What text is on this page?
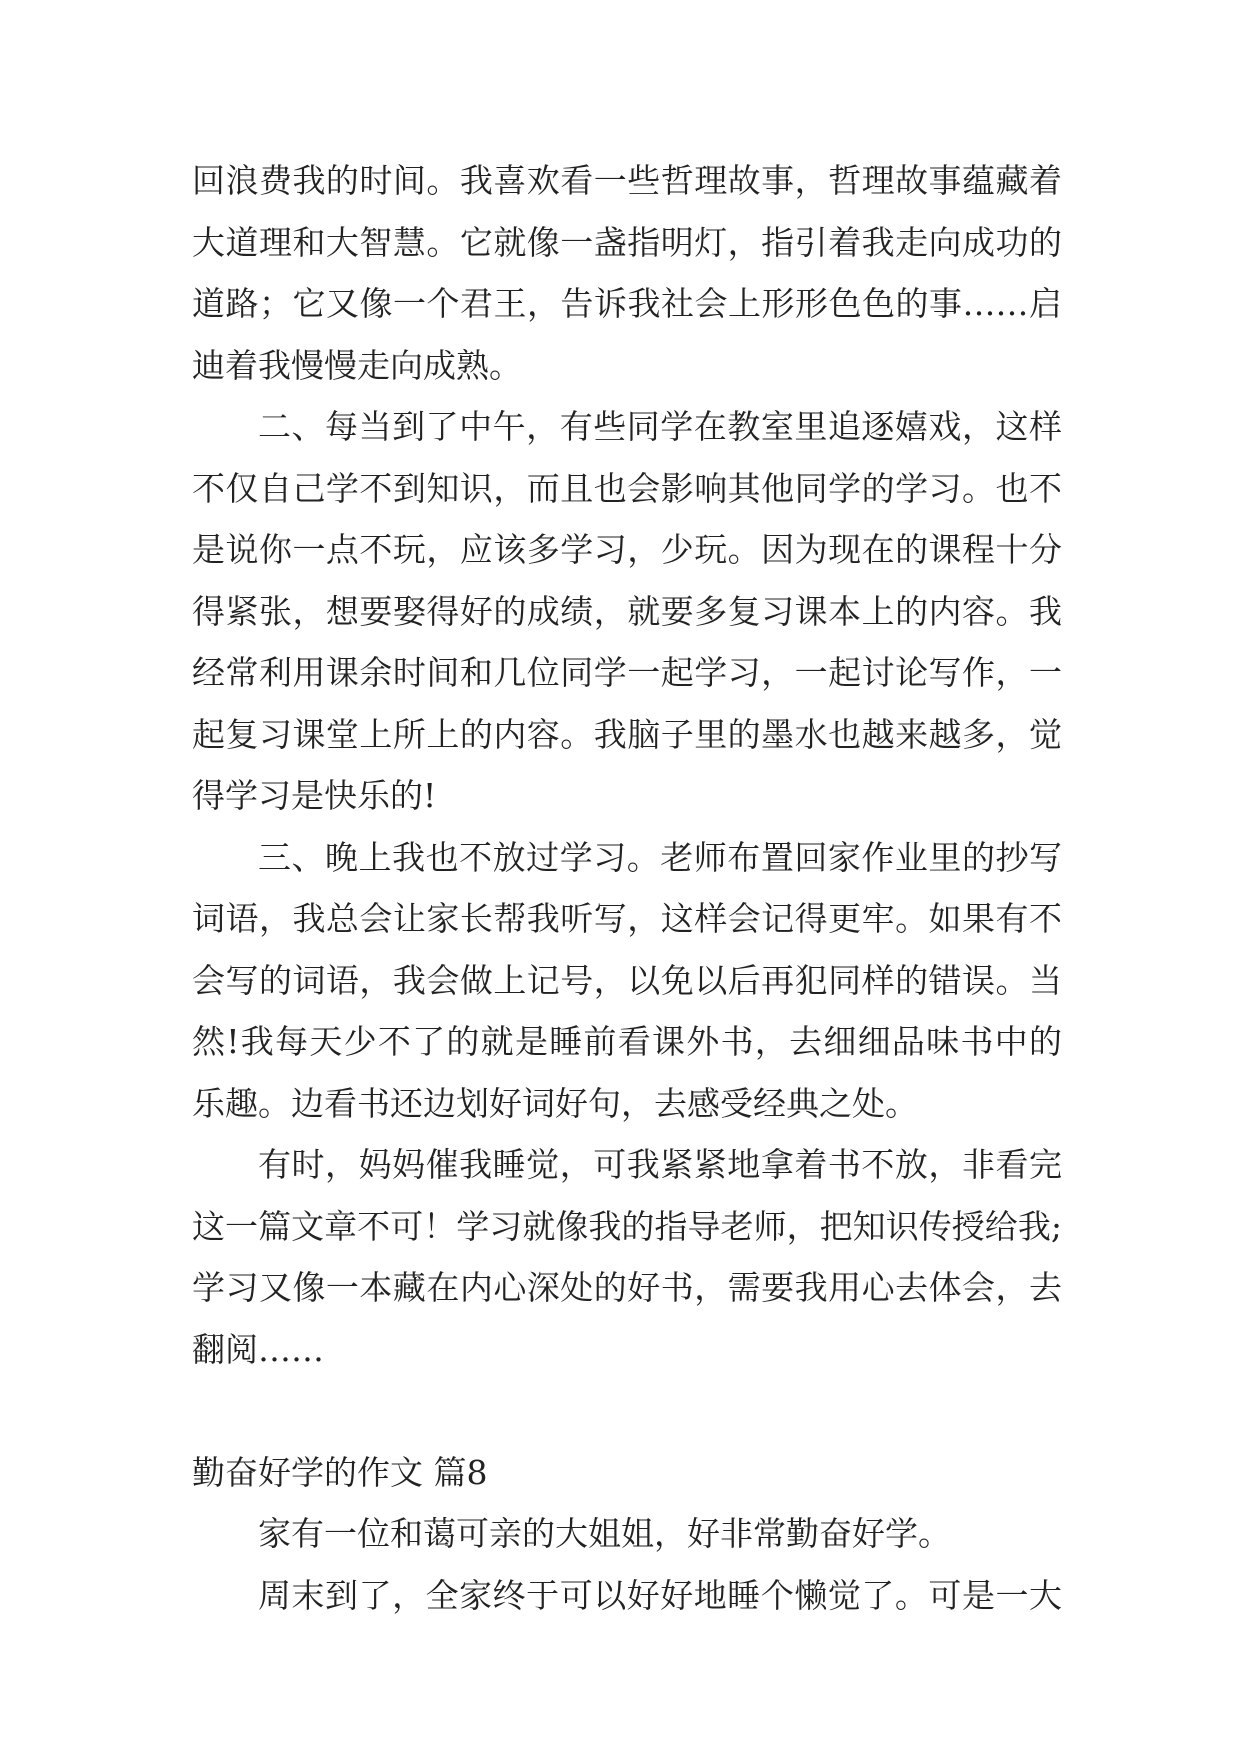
回浪费我的时间。我喜欢看一些哲理故事，哲理故事蕴藏着
大道理和大智慧。它就像一盏指明灯，指引着我走向成功的
道路；它又像一个君王，告诉我社会上形形色色的事……启
迪着我慢慢走向成熟。
二、每当到了中午，有些同学在教室里追逐嬉戏，这样
不仅自己学不到知识，而且也会影响其他同学的学习。也不
是说你一点不玩，应该多学习，少玩。因为现在的课程十分
得紧张，想要娶得好的成绩，就要多复习课本上的内容。我
经常利用课余时间和几位同学一起学习，一起讨论写作，一
起复习课堂上所上的内容。我脑子里的墨水也越来越多，觉
得学习是快乐的!
三、晚上我也不放过学习。老师布置回家作业里的抄写
词语，我总会让家长帮我听写，这样会记得更牢。如果有不
会写的词语，我会做上记号，以免以后再犯同样的错误。当
然!我每天少不了的就是睡前看课外书，去细细品味书中的
乐趣。边看书还边划好词好句，去感受经典之处。
有时，妈妈催我睡觉，可我紧紧地拿着书不放，非看完
这一篇文章不可！学习就像我的指导老师，把知识传授给我;
学习又像一本藏在内心深处的好书，需要我用心去体会，去
翻阅……
勤奋好学的作文 篇8
家有一位和蔼可亲的大姐姐，好非常勤奋好学。
周末到了，全家终于可以好好地睡个懒觉了。可是一大
